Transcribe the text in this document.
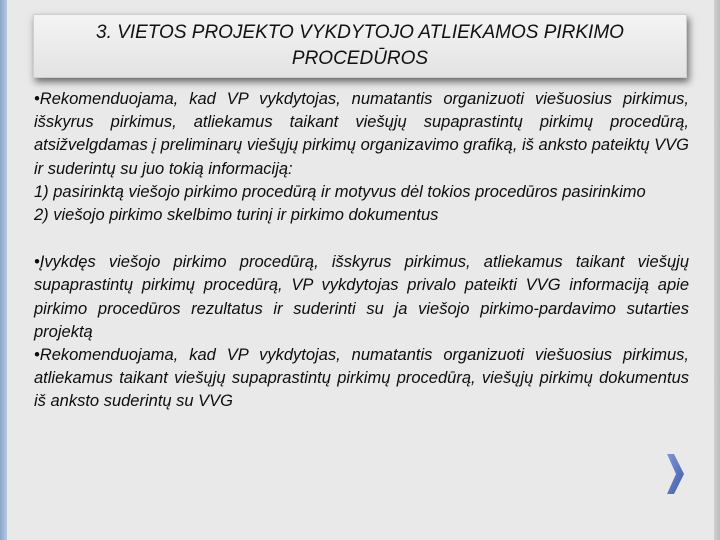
3. VIETOS PROJEKTO VYKDYTOJO ATLIEKAMOS PIRKIMO PROCEDŪROS

•Rekomenduojama, kad VP vykdytojas, numatantis organizuoti viešuosius pirkimus, išskyrus pirkimus, atliekamus taikant viešųjų supaprastintų pirkimų procedūrą, atsižvelgdamas į preliminarų viešųjų pirkimų organizavimo grafiką, iš anksto pateiktų VVG ir suderintų su juo tokią informaciją:

1) pasirinktą viešojo pirkimo procedūrą ir motyvus dėl tokios procedūros pasirinkimo

2) viešojo pirkimo skelbimo turinį ir pirkimo dokumentus

•Įvykdęs viešojo pirkimo procedūrą, išskyrus pirkimus, atliekamus taikant viešųjų supaprastintų pirkimų procedūrą, VP vykdytojas privalo pateikti VVG informaciją apie pirkimo procedūros rezultatus ir suderinti su ja viešojo pirkimo-pardavimo sutarties projektą

•Rekomenduojama, kad VP vykdytojas, numatantis organizuoti viešuosius pirkimus, atliekamus taikant viešųjų supaprastintų pirkimų procedūrą, viešųjų pirkimų dokumentus iš anksto suderintų su VVG
